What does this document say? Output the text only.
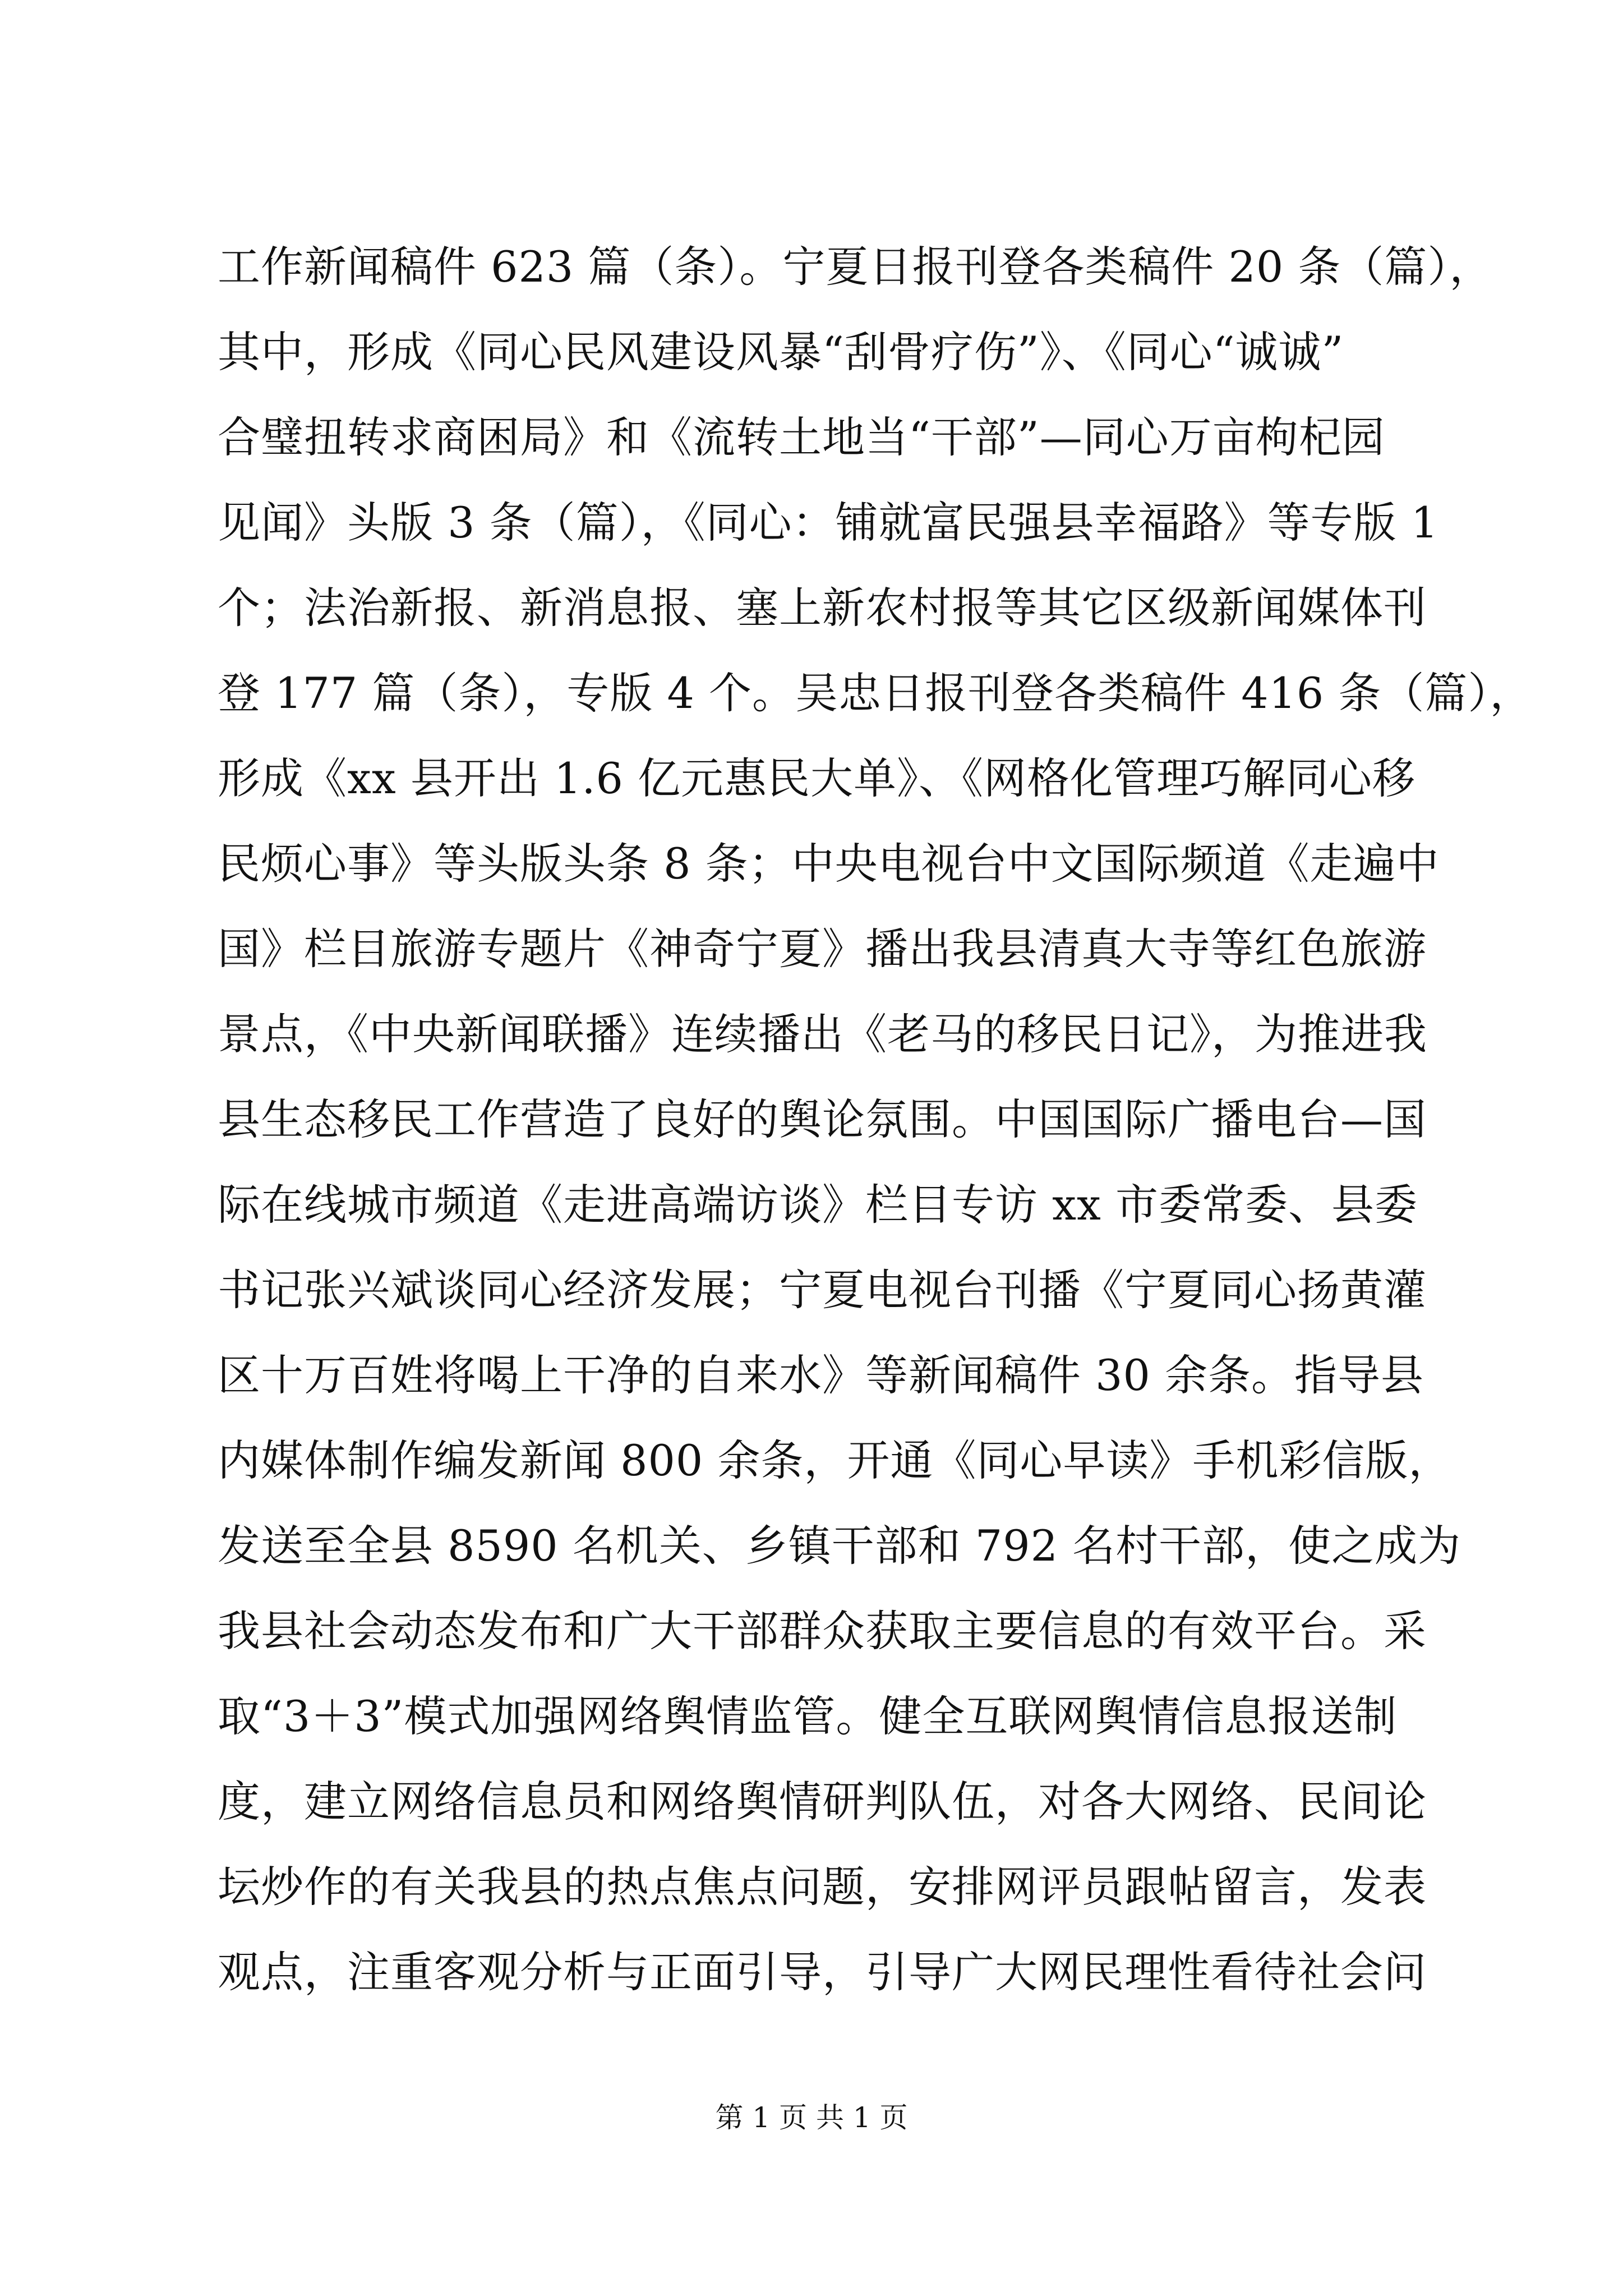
工作新闻稿件 623 篇（条）。宁夏日报刊登各类稿件 20 条（篇），
其中，形成《同心民风建设风暴“刮骨疗伤”》、《同心“诚诚”
合璧扭转求商困局》和《流转土地当“干部”—同心万亩枸杞园
见闻》头版 3 条（篇），《同心：铺就富民强县幸福路》等专版 1
个；法治新报、新消息报、塞上新农村报等其它区级新闻媒体刊
登 177 篇（条），专版 4 个。吴忠日报刊登各类稿件 416 条（篇），
形成《xx 县开出 1.6 亿元惠民大单》、《网格化管理巧解同心移
民烦心事》等头版头条 8 条；中央电视台中文国际频道《走遍中
国》栏目旅游专题片《神奇宁夏》播出我县清真大寺等红色旅游
景点，《中央新闻联播》连续播出《老马的移民日记》，为推进我
县生态移民工作营造了良好的舆论氛围。中国国际广播电台—国
际在线城市频道《走进高端访谈》栏目专访 xx 市委常委、县委
书记张兴斌谈同心经济发展；宁夏电视台刊播《宁夏同心扬黄灌
区十万百姓将喝上干净的自来水》等新闻稿件 30 余条。指导县
内媒体制作编发新闻 800 余条，开通《同心早读》手机彩信版，
发送至全县 8590 名机关、乡镇干部和 792 名村干部，使之成为
我县社会动态发布和广大干部群众获取主要信息的有效平台。采
取“3＋3”模式加强网络舆情监管。健全互联网舆情信息报送制
度，建立网络信息员和网络舆情研判队伍，对各大网络、民间论
坛炒作的有关我县的热点焦点问题，安排网评员跟帖留言，发表
观点，注重客观分析与正面引导，引导广大网民理性看待社会问
第 1 页 共 1 页
